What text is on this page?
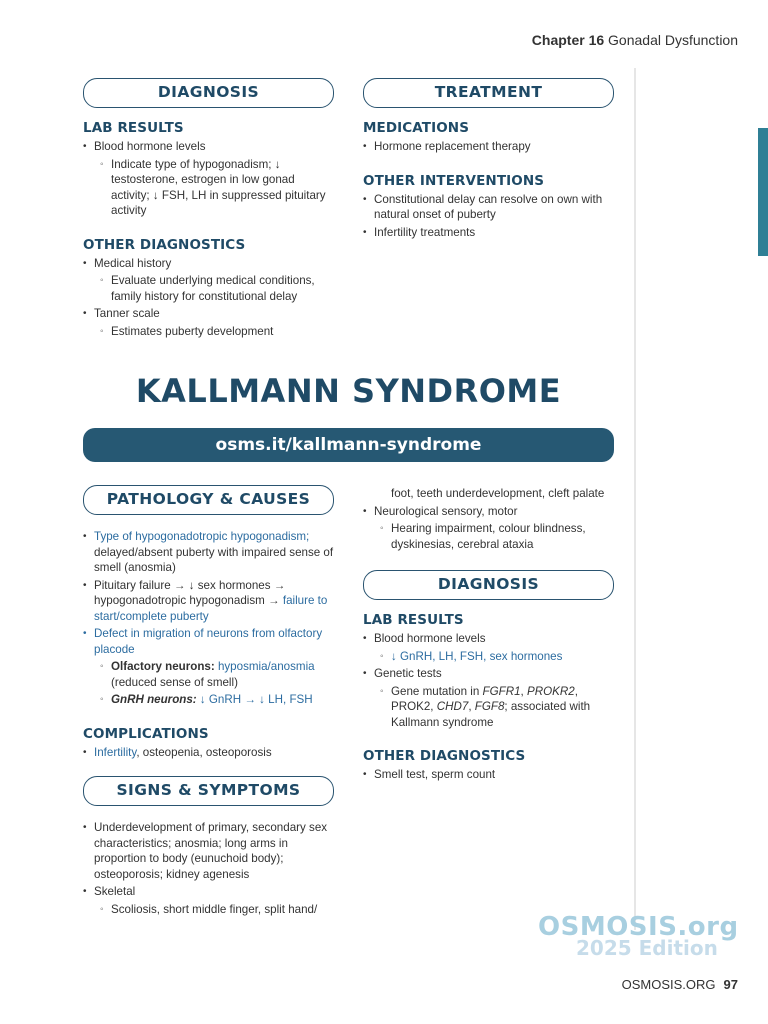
Chapter 16 Gonadal Dysfunction
DIAGNOSIS
LAB RESULTS
• Blood hormone levels
◦ Indicate type of hypogonadism; ↓ testosterone, estrogen in low gonad activity; ↓ FSH, LH in suppressed pituitary activity
OTHER DIAGNOSTICS
• Medical history
◦ Evaluate underlying medical conditions, family history for constitutional delay
• Tanner scale
◦ Estimates puberty development
TREATMENT
MEDICATIONS
• Hormone replacement therapy
OTHER INTERVENTIONS
• Constitutional delay can resolve on own with natural onset of puberty
• Infertility treatments
KALLMANN SYNDROME
osms.it/kallmann-syndrome
PATHOLOGY & CAUSES
• Type of hypogonadotropic hypogonadism; delayed/absent puberty with impaired sense of smell (anosmia)
• Pituitary failure → ↓ sex hormones → hypogonadotropic hypogonadism → failure to start/complete puberty
• Defect in migration of neurons from olfactory placode
◦ Olfactory neurons: hyposmia/anosmia (reduced sense of smell)
◦ GnRH neurons: ↓ GnRH → ↓ LH, FSH
COMPLICATIONS
• Infertility, osteopenia, osteoporosis
SIGNS & SYMPTOMS
• Underdevelopment of primary, secondary sex characteristics; anosmia; long arms in proportion to body (eunuchoid body); osteoporosis; kidney agenesis
• Skeletal
◦ Scoliosis, short middle finger, split hand/
foot, teeth underdevelopment, cleft palate
• Neurological sensory, motor
◦ Hearing impairment, colour blindness, dyskinesias, cerebral ataxia
DIAGNOSIS
LAB RESULTS
• Blood hormone levels
◦ ↓ GnRH, LH, FSH, sex hormones
• Genetic tests
◦ Gene mutation in FGFR1, PROKR2, PROK2, CHD7, FGF8; associated with Kallmann syndrome
OTHER DIAGNOSTICS
• Smell test, sperm count
OSMOSIS.org
2025 Edition
OSMOSIS.ORG 97
